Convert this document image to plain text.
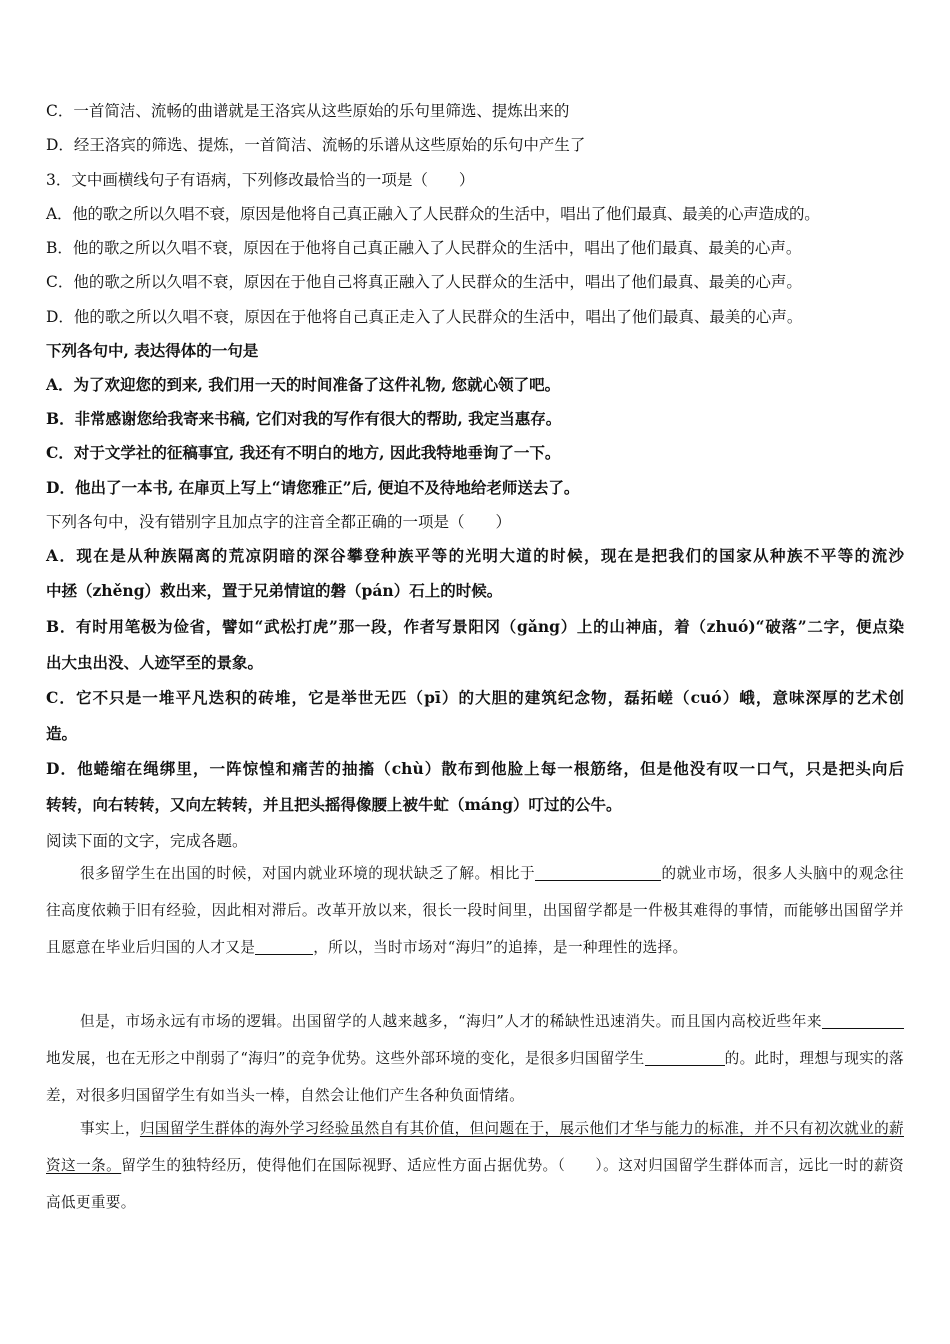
C．一首简洁、流畅的曲谱就是王洛宾从这些原始的乐句里筛选、提炼出来的
D．经王洛宾的筛选、提炼，一首简洁、流畅的乐谱从这些原始的乐句中产生了
3．文中画横线句子有语病，下列修改最恰当的一项是（　　）
A．他的歌之所以久唱不衰，原因是他将自己真正融入了人民群众的生活中，唱出了他们最真、最美的心声造成的。
B．他的歌之所以久唱不衰，原因在于他将自己真正融入了人民群众的生活中，唱出了他们最真、最美的心声。
C．他的歌之所以久唱不衰，原因在于他自己将真正融入了人民群众的生活中，唱出了他们最真、最美的心声。
D．他的歌之所以久唱不衰，原因在于他将自己真正走入了人民群众的生活中，唱出了他们最真、最美的心声。
下列各句中, 表达得体的一句是
A．为了欢迎您的到来, 我们用一天的时间准备了这件礼物, 您就心领了吧。
B．非常感谢您给我寄来书稿, 它们对我的写作有很大的帮助, 我定当惠存。
C．对于文学社的征稿事宜, 我还有不明白的地方, 因此我特地垂询了一下。
D．他出了一本书, 在扉页上写上“请您雅正”后, 便迫不及待地给老师送去了。
下列各句中，没有错别字且加点字的注音全都正确的一项是（　　）
A．现在是从种族隔离的荒凉阴暗的深谷攀登种族平等的光明大道的时候，现在是把我们的国家从种族不平等的流沙
中拯（zhěng）救出来，置于兄弟情谊的磐（pán）石上的时候。
B．有时用笔极为俭省，譬如“武松打虎”那一段，作者写景阳冈（gǎng）上的山神庙，着（zhuó)“破落”二字，便点染
出大虫出没、人迹罕至的景象。
C．它不只是一堆平凡迭积的砖堆，它是举世无匹（pī）的大胆的建筑纪念物，磊拓嵯（cuó）峨，意味深厚的艺术创
造。
D．他蜷缩在绳绑里，一阵惊惶和痛苦的抽搐（chù）散布到他脸上每一根筋络，但是他没有叹一口气，只是把头向后
转转，向右转转，又向左转转，并且把头摇得像腰上被牛虻（máng）叮过的公牛。
阅读下面的文字，完成各题。
很多留学生在出国的时候，对国内就业环境的现状缺乏了解。相比于	的就业市场，很多人头脑中的观念往往高度依赖于旧有经验，因此相对滞后。改革开放以来，很长一段时间里，出国留学都是一件极其难得的事情，而能够出国留学并且愿意在毕业后归国的人才又是	，所以，当时市场对“海归”的追捧，是一种理性的选择。
但是，市场永远有市场的逻辑。出国留学的人越来越多，“海归”人才的稀缺性迅速消失。而且国内高校近些年来地发展，也在无形之中削弱了“海归”的竞争优势。这些外部环境的变化，是很多归国留学生	的。此时，理想与现实的落差，对很多归国留学生有如当头一棒，自然会让他们产生各种负面情绪。
事实上，归国留学生群体的海外学习经验虽然自有其价值，但问题在于，展示他们才华与能力的标准，并不只有初次就业的薪资这一条。留学生的独特经历，使得他们在国际视野、适应性方面占据优势。（　　）。这对归国留学生群体而言，远比一时的薪资高低更重要。
